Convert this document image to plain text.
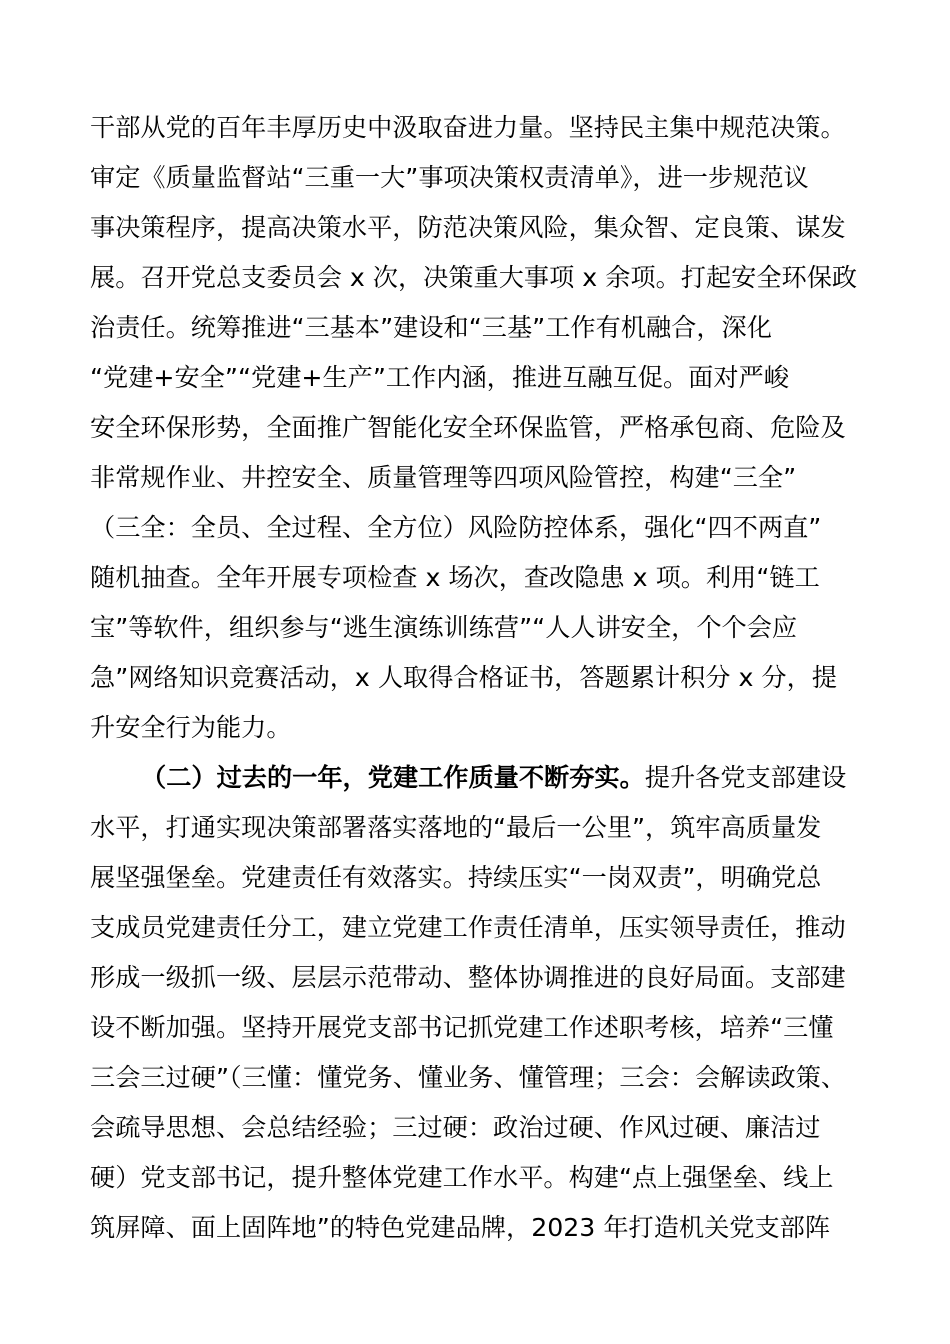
干部从党的百年丰厚历史中汲取奋进力量。坚持民主集中规范决策。

审定《质量监督站“三重一大”事项决策权责清单》，进一步规范议

事决策程序，提高决策水平，防范决策风险，集众智、定良策、谋发

展。召开党总支委员会 x 次，决策重大事项 x 余项。打起安全环保政

治责任。统筹推进“三基本”建设和“三基”工作有机融合，深化

“党建+安全”“党建+生产”工作内涵，推进互融互促。面对严峻

安全环保形势，全面推广智能化安全环保监管，严格承包商、危险及

非常规作业、井控安全、质量管理等四项风险管控，构建“三全”

（三全：全员、全过程、全方位）风险防控体系，强化“四不两直”

随机抽查。全年开展专项检查 x 场次，查改隐患 x 项。利用“链工

宝”等软件，组织参与“逃生演练训练营”“人人讲安全，个个会应

急”网络知识竞赛活动，x 人取得合格证书，答题累计积分 x 分，提

升安全行为能力。

（二）过去的一年，党建工作质量不断夯实。提升各党支部建设

水平，打通实现决策部署落实落地的“最后一公里”，筑牢高质量发

展坚强堡垒。党建责任有效落实。持续压实“一岗双责”，明确党总

支成员党建责任分工，建立党建工作责任清单，压实领导责任，推动

形成一级抓一级、层层示范带动、整体协调推进的良好局面。支部建

设不断加强。坚持开展党支部书记抓党建工作述职考核，培养“三懂

三会三过硬”（三懂：懂党务、懂业务、懂管理；三会：会解读政策、

会疏导思想、会总结经验；三过硬：政治过硬、作风过硬、廉洁过

硬）党支部书记，提升整体党建工作水平。构建“点上强堡垒、线上

筑屏障、面上固阵地”的特色党建品牌，2023 年打造机关党支部阵
